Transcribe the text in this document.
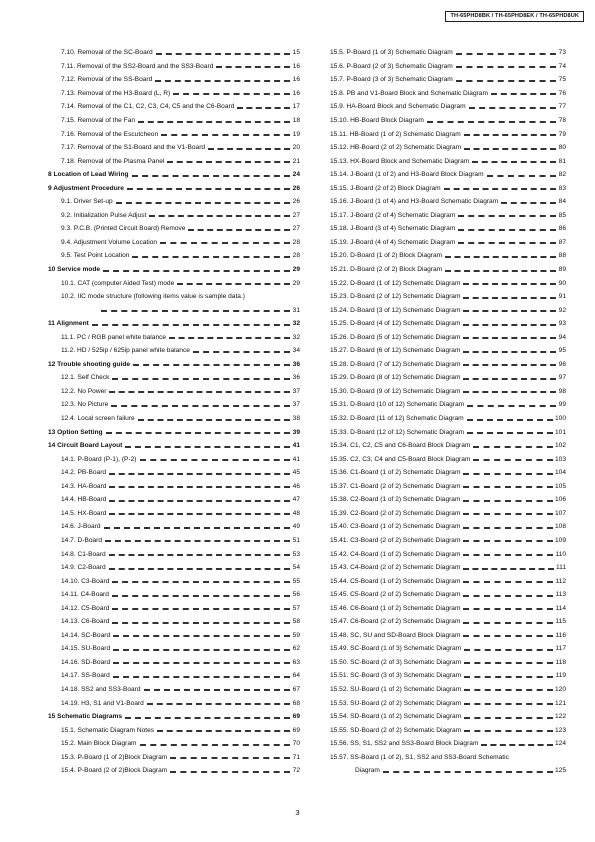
TH-65PHD8BK / TH-65PHD8EK / TH-65PHD8UK
7.10. Removal of the SC-Board	15
7.11. Removal of the SS2-Board and the SS3-Board	16
7.12. Removal of the SS-Board	16
7.13. Removal of the H3-Board (L, R)	16
7.14. Removal of the C1, C2, C3, C4, C5 and the C6-Board	17
7.15. Removal of the Fan	18
7.16. Removal of the Escutcheon	19
7.17. Removal of the S1-Board and the V1-Board	20
7.18. Removal of the Plasma Panel	21
8 Location of Lead Wiring	24
9 Adjustment Procedure	26
9.1. Driver Set-up	26
9.2. Initialization Pulse Adjust	27
9.3. P.C.B. (Printed Circuit Board) Remove	27
9.4. Adjustment Volume Location	28
9.5. Test Point Location	28
10 Service mode	29
10.1. CAT (computer Aided Test) mode	29
10.2. IIC mode structure (following items value is sample data.)
31
11 Alignment	32
11.1. PC / RGB panel white balance	32
11.2. HD / 525ip / 625ip panel white balance	34
12 Trouble shooting guide	36
12.1. Self Check	36
12.2. No Power	37
12.3. No Picture	37
12.4. Local screen failure	38
13 Option Setting	39
14 Circuit Board Layout	41
14.1. P-Board (P-1), (P-2)	41
14.2. PB-Board	45
14.3. HA-Board	46
14.4. HB-Board	47
14.5. HX-Board	48
14.6. J-Board	49
14.7. D-Board	51
14.8. C1-Board	53
14.9. C2-Board	54
14.10. C3-Board	55
14.11. C4-Board	56
14.12. C5-Board	57
14.13. C6-Board	58
14.14. SC-Board	59
14.15. SU-Board	62
14.16. SD-Board	63
14.17. SS-Board	64
14.18. SS2 and SS3-Board	67
14.19. H3, S1 and V1-Board	68
15 Schematic Diagrams	69
15.1. Schematic Diagram Notes	69
15.2. Main Block Diagram	70
15.3. P-Board (1 of 2)Block Diagram	71
15.4. P-Board (2 of 2)Block Diagram	72
15.5. P-Board (1 of 3) Schematic Diagram	73
15.6. P-Board (2 of 3) Schematic Diagram	74
15.7. P-Board (3 of 3) Schematic Diagram	75
15.8. PB and V1-Board Block and Schematic Diagram	76
15.9. HA-Board Block and Schematic Diagram	77
15.10. HB-Board Block Diagram	78
15.11. HB-Board (1 of 2) Schematic Diagram	79
15.12. HB-Board (2 of 2) Schematic Diagram	80
15.13. HX-Board Block and Schematic Diagram	81
15.14. J-Board (1 of 2) and H3-Board Block Diagram	82
15.15. J-Board (2 of 2) Block Diagram	83
15.16. J-Board (1 of 4) and H3-Board Schematic Diagram	84
15.17. J-Board (2 of 4) Schematic Diagram	85
15.18. J-Board (3 of 4) Schematic Diagram	86
15.19. J-Board (4 of 4) Schematic Diagram	87
15.20. D-Board (1 of 2) Block Diagram	88
15.21. D-Board (2 of 2) Block Diagram	89
15.22. D-Board (1 of 12) Schematic Diagram	90
15.23. D-Board (2 of 12) Schematic Diagram	91
15.24. D-Board (3 of 12) Schematic Diagram	92
15.25. D-Board (4 of 12) Schematic Diagram	93
15.26. D-Board (5 of 12) Schematic Diagram	94
15.27. D-Board (6 of 12) Schematic Diagram	95
15.28. D-Board (7 of 12) Schematic Diagram	96
15.29. D-Board (8 of 12) Schematic Diagram	97
15.30. D-Board (9 of 12) Schematic Diagram	98
15.31. D-Board (10 of 12) Schematic Diagram	99
15.32. D-Board (11 of 12) Schematic Diagram	100
15.33. D-Board (12 of 12) Schematic Diagram	101
15.34. C1, C2, C5 and C6-Board Block Diagram	102
15.35. C2, C3, C4 and C5-Board Block Diagram	103
15.36. C1-Board (1 of 2) Schematic Diagram	104
15.37. C1-Board (2 of 2) Schematic Diagram	105
15.38. C2-Board (1 of 2) Schematic Diagram	106
15.39. C2-Board (2 of 2) Schematic Diagram	107
15.40. C3-Board (1 of 2) Schematic Diagram	108
15.41. C3-Board (2 of 2) Schematic Diagram	109
15.42. C4-Board (1 of 2) Schematic Diagram	110
15.43. C4-Board (2 of 2) Schematic Diagram	111
15.44. C5-Board (1 of 2) Schematic Diagram	112
15.45. C5-Board (2 of 2) Schematic Diagram	113
15.46. C6-Board (1 of 2) Schematic Diagram	114
15.47. C6-Board (2 of 2) Schematic Diagram	115
15.48. SC, SU and SD-Board Block Diagram	116
15.49. SC-Board (1 of 3) Schematic Diagram	117
15.50. SC-Board (2 of 3) Schematic Diagram	118
15.51. SC-Board (3 of 3) Schematic Diagram	119
15.52. SU-Board (1 of 2) Schematic Diagram	120
15.53. SU-Board (2 of 2) Schematic Diagram	121
15.54. SD-Board (1 of 2) Schematic Diagram	122
15.55. SD-Board (2 of 2) Schematic Diagram	123
15.56. SS, S1, SS2 and SS3-Board Block Diagram	124
15.57. SS-Board (1 of 2), S1, SS2 and SS3-Board Schematic
Diagram	125
3
